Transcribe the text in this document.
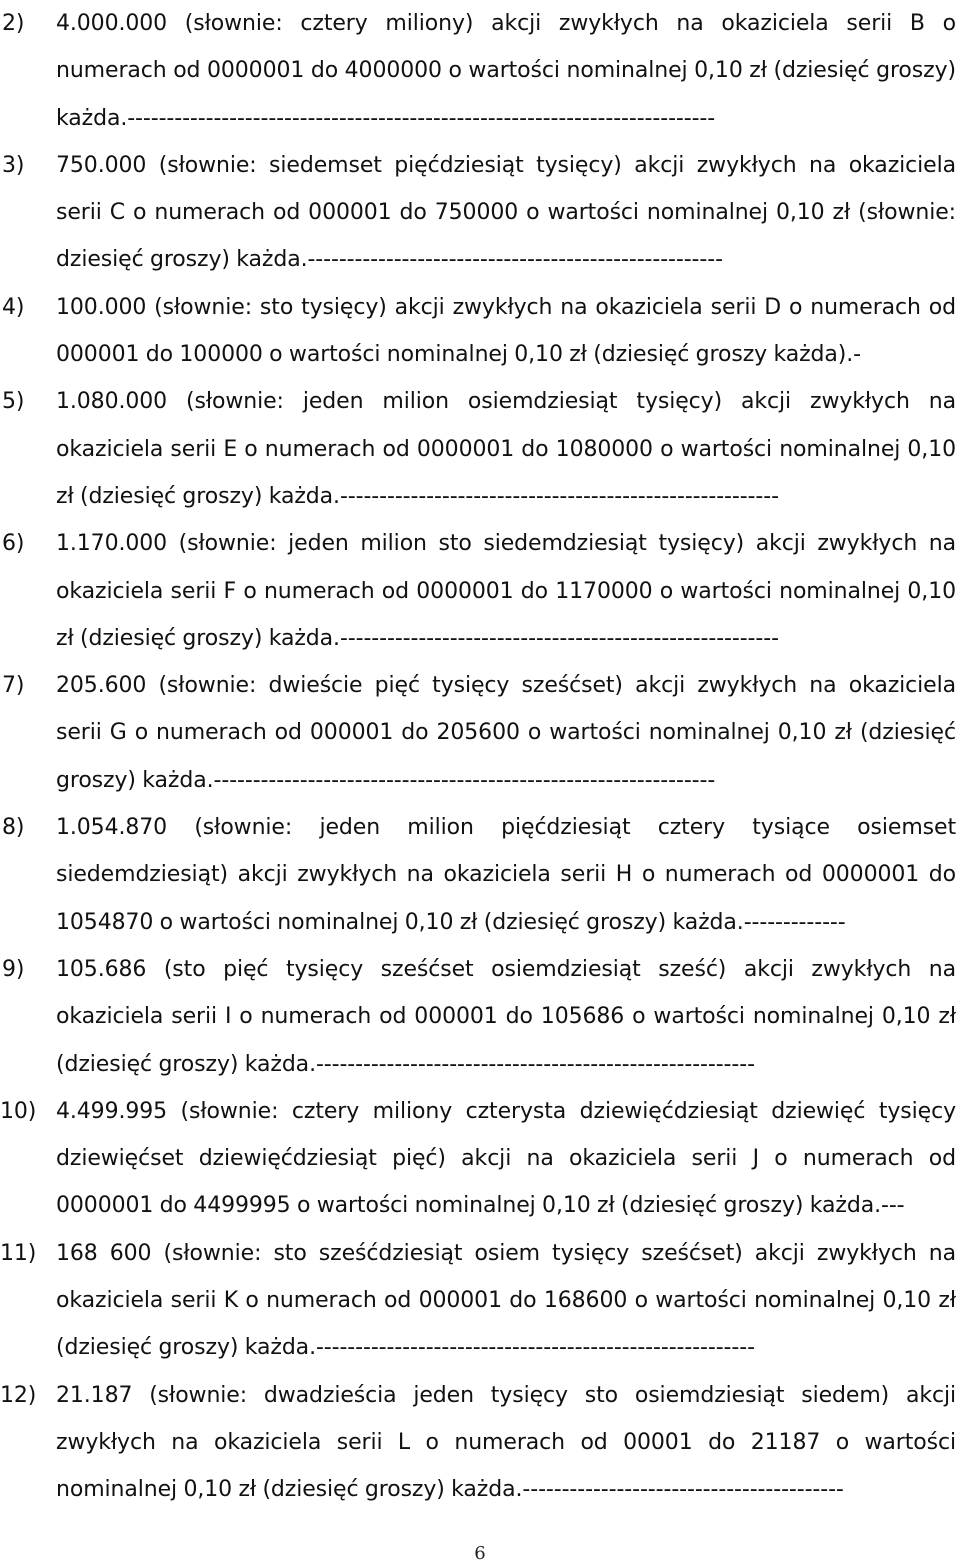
2)	4.000.000 (słownie: cztery miliony) akcji zwykłych na okaziciela serii B o numerach od 0000001 do 4000000 o wartości nominalnej 0,10 zł (dziesięć groszy) każda.---------------------------------------------------------------------------
3)	750.000 (słownie: siedemset pięćdziesiąt tysięcy) akcji zwykłych na okaziciela serii C o numerach od 000001 do 750000 o wartości nominalnej 0,10 zł (słownie: dziesięć groszy) każda.-----------------------------------------------------
4)	100.000 (słownie: sto tysięcy) akcji zwykłych na okaziciela serii D o numerach od 000001 do 100000 o wartości nominalnej 0,10 zł (dziesięć groszy każda).-
5)	1.080.000 (słownie: jeden milion osiemdziesiąt tysięcy) akcji zwykłych na okaziciela serii E o numerach od 0000001 do 1080000 o wartości nominalnej 0,10 zł (dziesięć groszy) każda.--------------------------------------------------------
6)	1.170.000 (słownie: jeden milion sto siedemdziesiąt tysięcy) akcji zwykłych na okaziciela serii F o numerach od 0000001 do 1170000 o wartości nominalnej 0,10 zł (dziesięć groszy) każda.--------------------------------------------------------
7)	205.600 (słownie: dwieście pięć tysięcy sześćset) akcji zwykłych na okaziciela serii G o numerach od 000001 do 205600 o wartości nominalnej 0,10 zł (dziesięć groszy) każda.----------------------------------------------------------------
8)	1.054.870 (słownie: jeden milion pięćdziesiąt cztery tysiące osiemset siedemdziesiąt) akcji zwykłych na okaziciela serii H o numerach od 0000001 do 1054870 o wartości nominalnej 0,10 zł (dziesięć groszy) każda.-------------
9)	105.686 (sto pięć tysięcy sześćset osiemdziesiąt sześć) akcji zwykłych na okaziciela serii I o numerach od 000001 do 105686 o wartości nominalnej 0,10 zł (dziesięć groszy) każda.--------------------------------------------------------
10) 4.499.995 (słownie: cztery miliony czterysta dziewięćdziesiąt dziewięć tysięcy dziewięćset dziewięćdziesiąt pięć) akcji na okaziciela serii J o numerach od 0000001 do 4499995 o wartości nominalnej 0,10 zł (dziesięć groszy) każda.---
11) 168 600 (słownie: sto sześćdziesiąt osiem tysięcy sześćset) akcji zwykłych na okaziciela serii K o numerach od 000001 do 168600 o wartości nominalnej 0,10 zł (dziesięć groszy) każda.--------------------------------------------------------
12) 21.187 (słownie: dwadzieścia jeden tysięcy sto osiemdziesiąt siedem) akcji zwykłych na okaziciela serii L o numerach od 00001 do 21187 o wartości nominalnej 0,10 zł (dziesięć groszy) każda.-----------------------------------------
6
